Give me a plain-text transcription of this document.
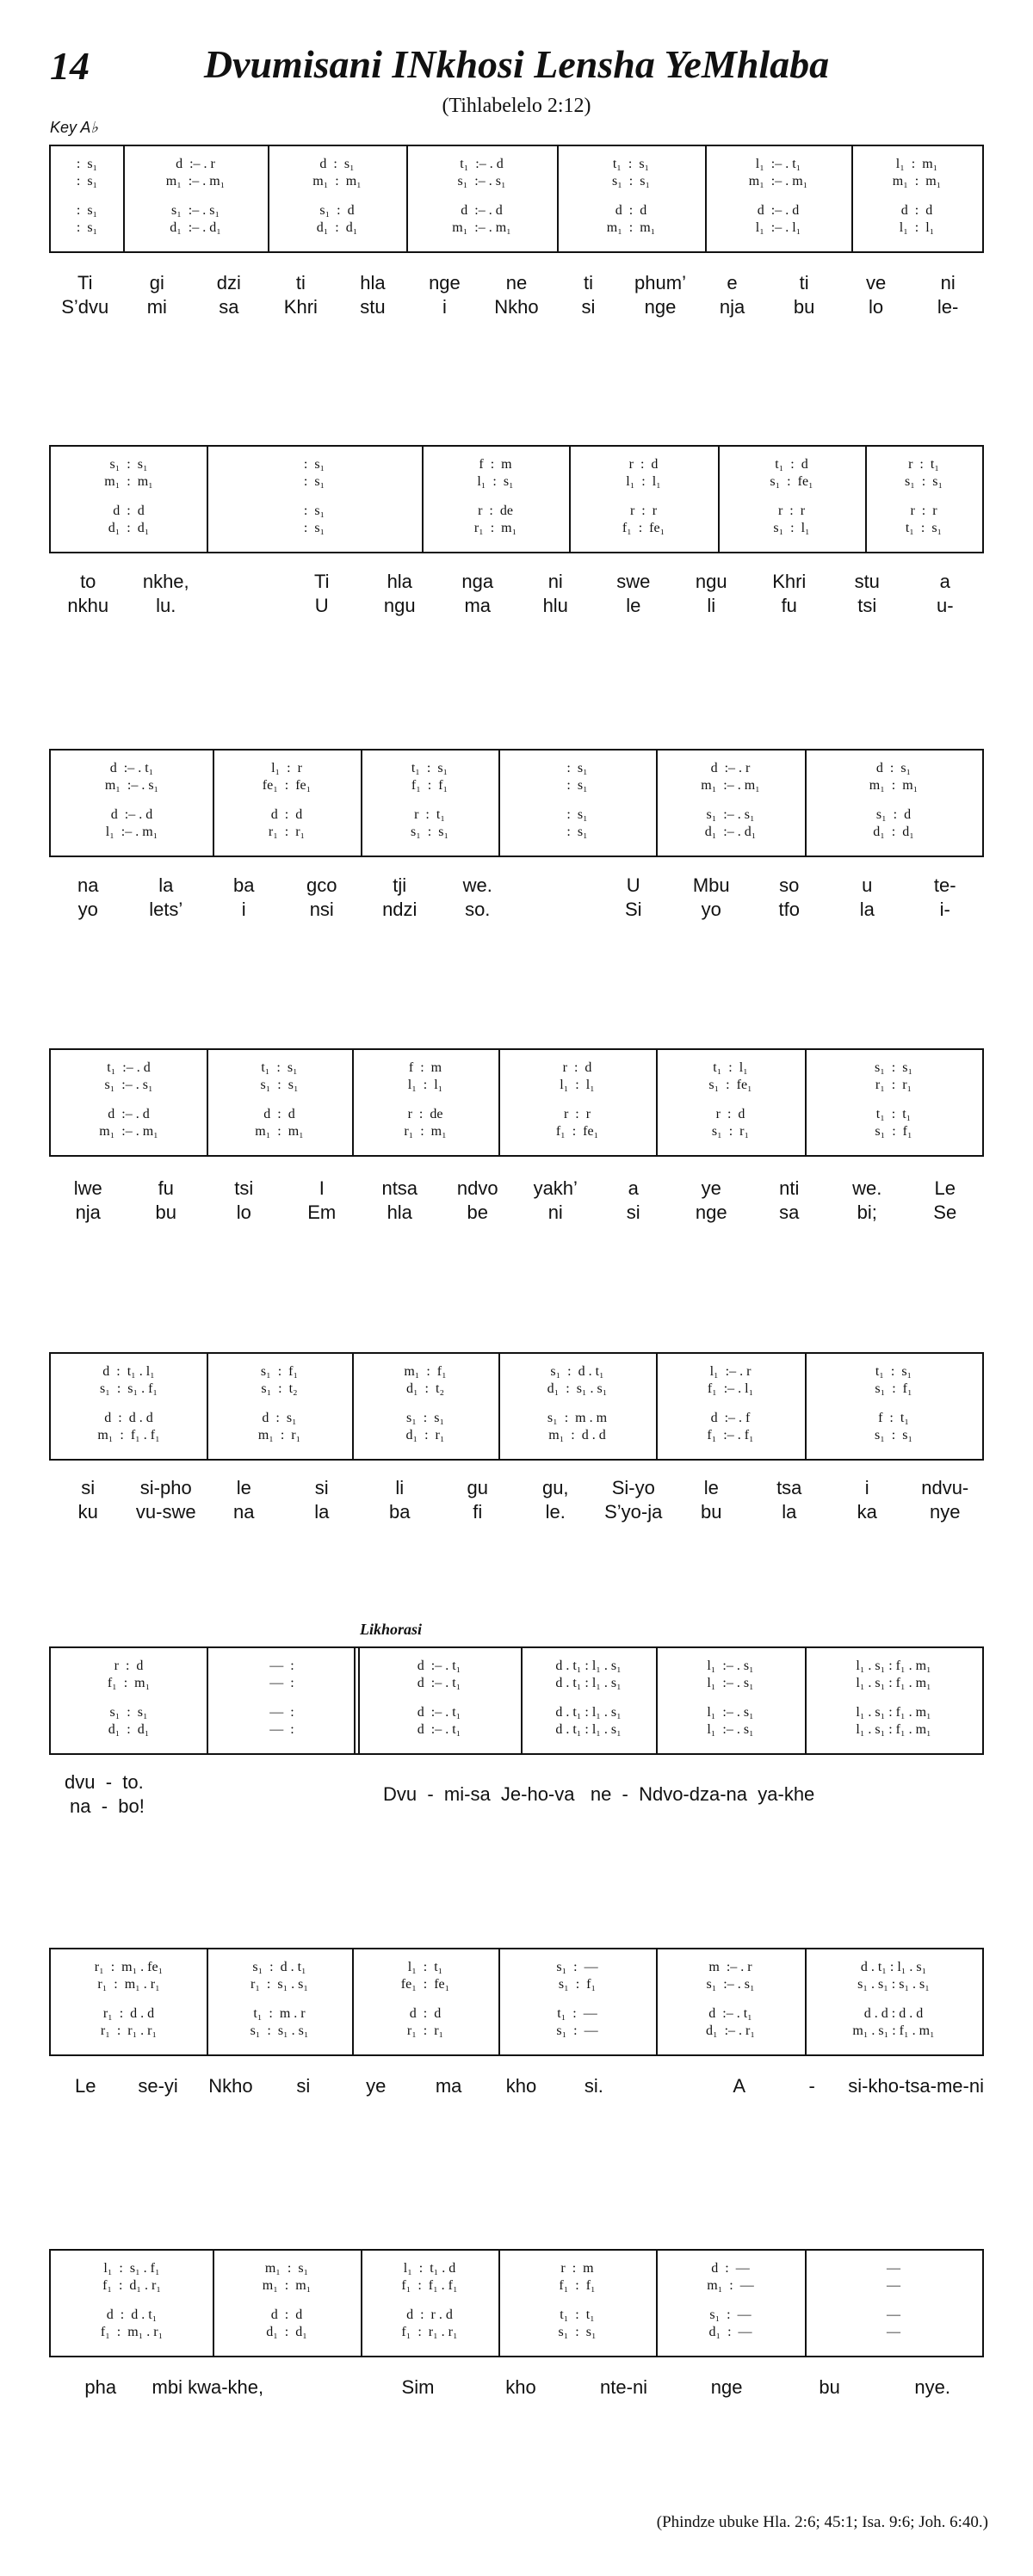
14	Dvumisani INkhosi Lensha YeMhlaba
(Tihlabelelo 2:12)
Key A♭
Likhorasi
:  s₁	d  :– . r	d  :  s₁	t₁  :– . d	t₁  :  s₁	l₁  :– . t₁	l₁  :  m₁
:  s₁	m₁  :– . m₁	m₁  :  m₁	s₁  :– . s₁	s₁  :  s₁	m₁  :– . m₁	m₁  :  m₁
:  s₁	s₁  :– . s₁	s₁  :  d	d  :– . d	d  :  d	d  :– . d	d  :  d
:  s₁	d₁  :– . d₁	d₁  :  d₁	m₁  :– . m₁	m₁  :  m₁	l₁  :– . l₁	l₁  :  l₁
Ti	gi	dzi	ti	hla	nge	ne	ti	phum’	e	ti	ve	ni
S’dvu	mi	sa	Khri	stu	i	Nkho	si	nge	nja	bu	lo	le-
s₁  :  s₁	:  s₁	f  :  m	r  :  d	t₁  :  d	r  :  t₁
m₁  :  m₁	:  s₁	l₁  :  s₁	l₁  :  l₁	s₁  :  fe₁	s₁  :  s₁
d  :  d	:  s₁	r  :  de	r  :  r	r  :  r	r  :  r
d₁  :  d₁	:  s₁	r₁  :  m₁	f₁  :  fe₁	s₁  :  l₁	t₁  :  s₁
to	nkhe,	Ti	hla	nga	ni	swe	ngu	Khri	stu	a
nkhu	lu.	U	ngu	ma	hlu	le	li	fu	tsi	u-
d  :– . t₁	l₁  :  r	t₁  :  s₁	:  s₁	d  :– . r	d  :  s₁
m₁  :– . s₁	fe₁  :  fe₁	f₁  :  f₁	:  s₁	m₁  :– . m₁	m₁  :  m₁
d  :– . d	d  :  d	r  :  t₁	:  s₁	s₁  :– . s₁	s₁  :  d
l₁  :– . m₁	r₁  :  r₁	s₁  :  s₁	:  s₁	d₁  :– . d₁	d₁  :  d₁
na	la	ba	gco	tji	we.	U	Mbu	so	u	te-
yo	lets’	i	nsi	ndzi	so.	Si	yo	tfo	la	i-
t₁  :– . d	t₁  :  s₁	f  :  m	r  :  d	t₁  :  l₁	s₁  :  s₁
s₁  :– . s₁	s₁  :  s₁	l₁  :  l₁	l₁  :  l₁	s₁  :  fe₁	r₁  :  r₁
d  :– . d	d  :  d	r  :  de	r  :  r	r  :  d	t₁  :  t₁
m₁  :– . m₁	m₁  :  m₁	r₁  :  m₁	f₁  :  fe₁	s₁  :  r₁	s₁  :  f₁
lwe	fu	tsi	I	ntsa	ndvo	yakh’	a	ye	nti	we.	Le
nja	bu	lo	Em	hla	be	ni	si	nge	sa	bi;	Se
d  :  t₁ . l₁	s₁  :  f₁	m₁  :  f₁	s₁  :  d . t₁	l₁  :– . r	t₁  :  s₁
s₁  :  s₁ . f₁	s₁  :  t₂	d₁  :  t₂	d₁  :  s₁ . s₁	f₁  :– . l₁	s₁  :  f₁
d  :  d . d	d  :  s₁	s₁  :  s₁	s₁  :  m . m	d  :– . f	f  :  t₁
m₁  :  f₁ . f₁	m₁  :  r₁	d₁  :  r₁	m₁  :  d . d	f₁  :– . f₁	s₁  :  s₁
si	si-pho	le	si	li	gu	gu,	Si-yo	le	tsa	i	ndvu-
ku	vu-swe	na	la	ba	fi	le.	S’yo-ja	bu	la	ka	nye
r  :  d	—  :	d  :– . t₁	d . t₁ : l₁ . s₁	l₁  :– . s₁	l₁ . s₁ : f₁ . m₁
f₁  :  m₁	—  :	d  :– . t₁	d . t₁ : l₁ . s₁	l₁  :– . s₁	l₁ . s₁ : f₁ . m₁
s₁  :  s₁	—  :	d  :– . t₁	d . t₁ : l₁ . s₁	l₁  :– . s₁	l₁ . s₁ : f₁ . m₁
d₁  :  d₁	—  :	d  :– . t₁	d . t₁ : l₁ . s₁	l₁  :– . s₁	l₁ . s₁ : f₁ . m₁
dvu  -  to.
na  -  bo!
Dvu  -  mi-sa  Je-ho-va   ne  -  Ndvo-dza-na  ya-khe
r₁  :  m₁ . fe₁	s₁  :  d . t₁	l₁  :  t₁	s₁  :  —	m  :– . r	d . t₁ : l₁ . s₁
r₁  :  m₁ . r₁	r₁  :  s₁ . s₁	fe₁  :  fe₁	s₁  :  f₁	s₁  :– . s₁	s₁ . s₁ : s₁ . s₁
r₁  :  d . d	t₁  :  m . r	d  :  d	t₁  :  —	d  :– . t₁	d . d : d . d
r₁  :  r₁ . r₁	s₁  :  s₁ . s₁	r₁  :  r₁	s₁  :  —	d₁  :– . r₁	m₁ . s₁ : f₁ . m₁
Le	se-yi	Nkho	si	ye	ma	kho	si.	A	-	si-kho-tsa-me-ni
l₁  :  s₁ . f₁	m₁  :  s₁	l₁  :  t₁ . d	r  :  m	d  :  —	—
f₁  :  d₁ . r₁	m₁  :  m₁	f₁  :  f₁ . f₁	f₁  :  f₁	m₁  :  —	—
d  :  d . t₁	d  :  d	d  :  r . d	t₁  :  t₁	s₁  :  —	—
f₁  :  m₁ . r₁	d₁  :  d₁	f₁  :  r₁ . r₁	s₁  :  s₁	d₁  :  —	—
pha	mbi kwa-khe,	Sim	kho	nte-ni	nge	bu	nye.
(Phindze ubuke Hla. 2:6; 45:1; Isa. 9:6; Joh. 6:40.)
